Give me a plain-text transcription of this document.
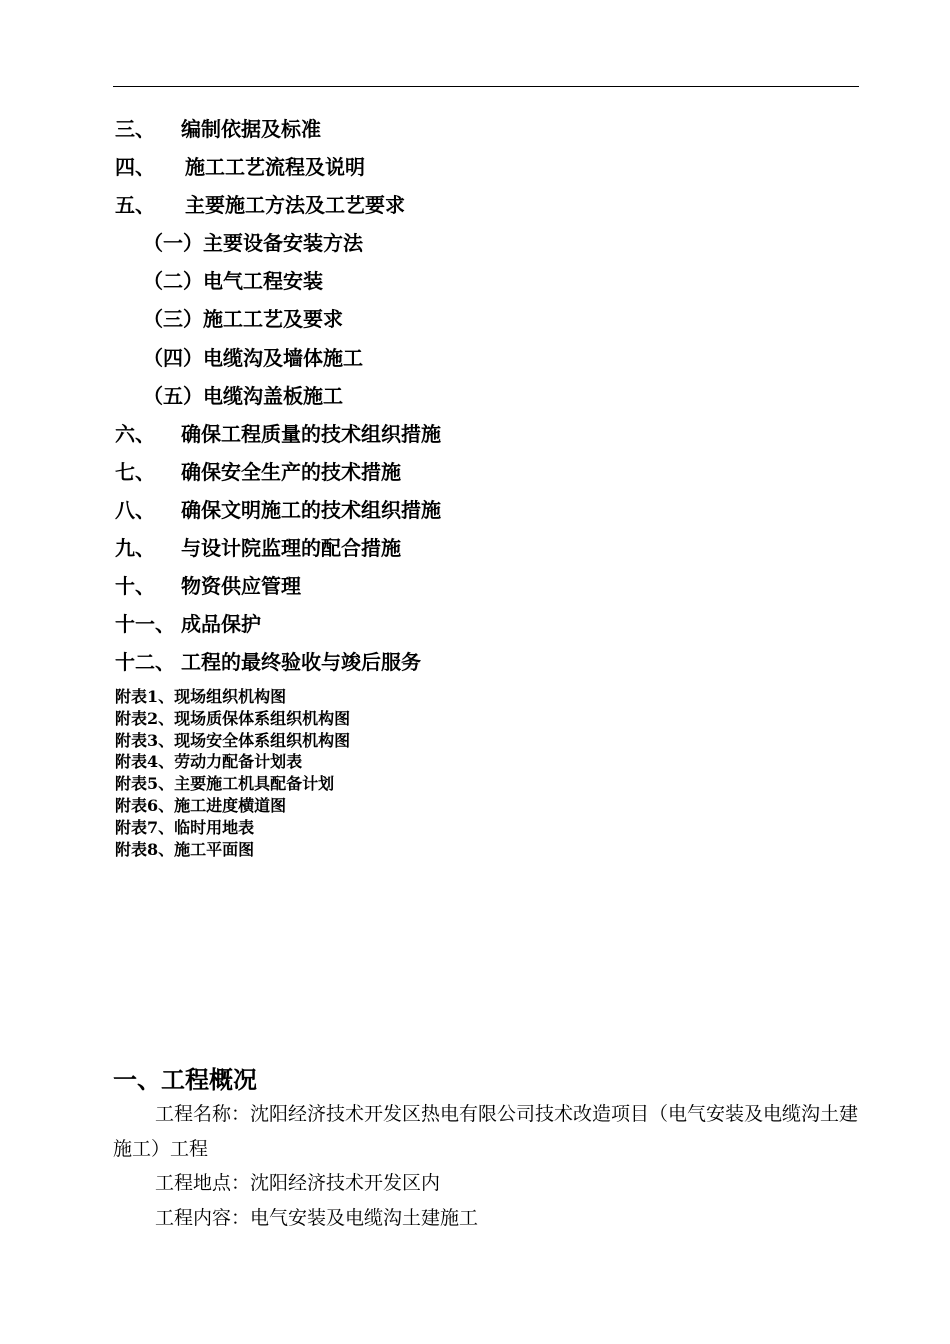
三、 编制依据及标准
四、 施工工艺流程及说明
五、 主要施工方法及工艺要求
（一）主要设备安装方法
（二）电气工程安装
（三）施工工艺及要求
（四）电缆沟及墙体施工
（五）电缆沟盖板施工
六、 确保工程质量的技术组织措施
七、 确保安全生产的技术措施
八、 确保文明施工的技术组织措施
九、 与设计院监理的配合措施
十、 物资供应管理
十一、 成品保护
十二、 工程的最终验收与竣后服务
附表1、现场组织机构图
附表2、现场质保体系组织机构图
附表3、现场安全体系组织机构图
附表4、劳动力配备计划表
附表5、主要施工机具配备计划
附表6、施工进度横道图
附表7、临时用地表
附表8、施工平面图
一、工程概况

工程名称：沈阳经济技术开发区热电有限公司技术改造项目（电气安装及电缆沟土建施工）工程

工程地点：沈阳经济技术开发区内

工程内容：电气安装及电缆沟土建施工
